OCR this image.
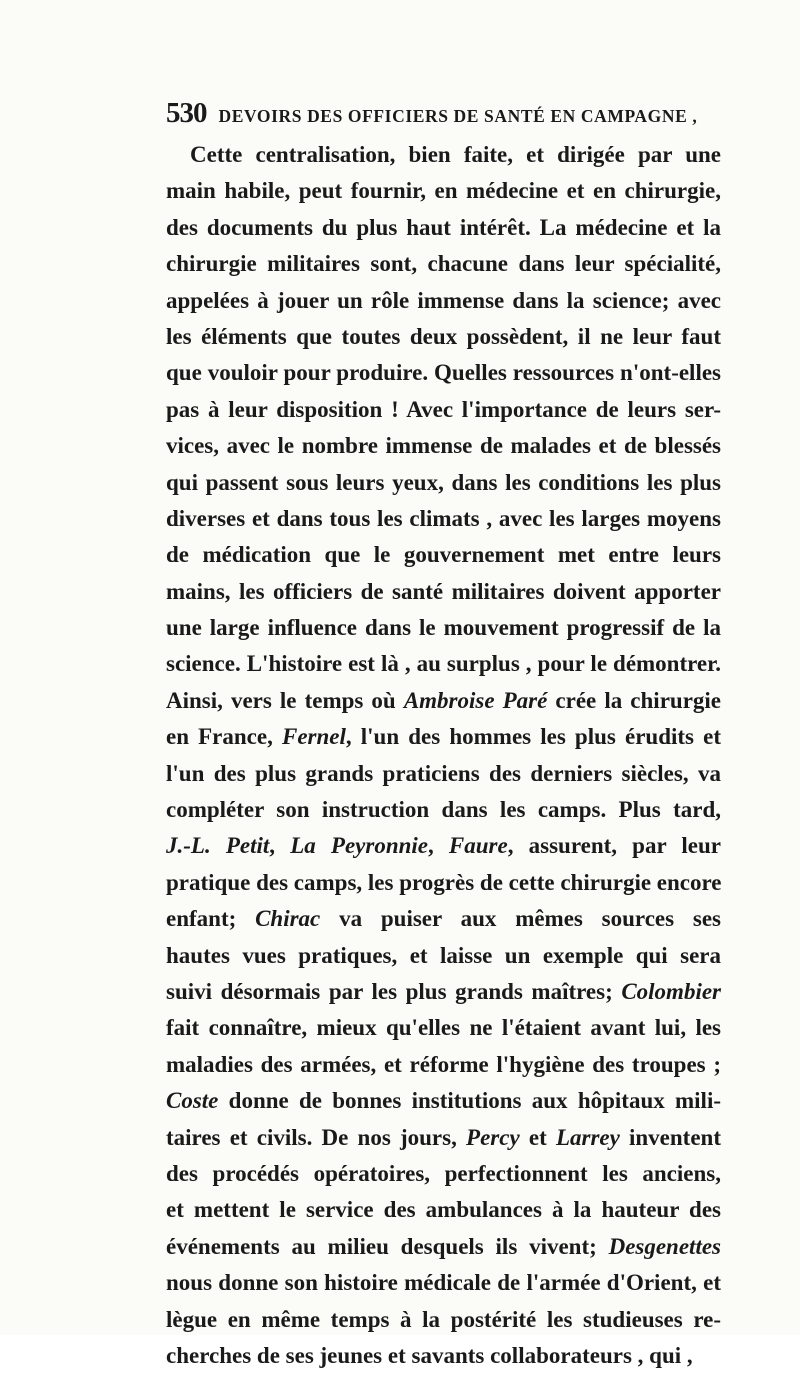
530 DEVOIRS DES OFFICIERS DE SANTÉ EN CAMPAGNE ,
Cette centralisation, bien faite, et dirigée par une
main habile, peut fournir, en médecine et en chirurgie,
des documents du plus haut intérêt. La médecine et la
chirurgie militaires sont, chacune dans leur spécialité,
appelées à jouer un rôle immense dans la science; avec
les éléments que toutes deux possèdent, il ne leur faut
que vouloir pour produire. Quelles ressources n'ont-elles
pas à leur disposition ! Avec l'importance de leurs ser-
vices, avec le nombre immense de malades et de blessés
qui passent sous leurs yeux, dans les conditions les plus
diverses et dans tous les climats , avec les larges moyens
de médication que le gouvernement met entre leurs
mains, les officiers de santé militaires doivent apporter
une large influence dans le mouvement progressif de la
science. L'histoire est là , au surplus , pour le démontrer.
Ainsi, vers le temps où Ambroise Paré crée la chirurgie
en France, Fernel, l'un des hommes les plus érudits et
l'un des plus grands praticiens des derniers siècles, va
compléter son instruction dans les camps. Plus tard,
J.-L. Petit, La Peyronnie, Faure, assurent, par leur
pratique des camps, les progrès de cette chirurgie encore
enfant; Chirac va puiser aux mêmes sources ses
hautes vues pratiques, et laisse un exemple qui sera
suivi désormais par les plus grands maîtres; Colombier
fait connaître, mieux qu'elles ne l'étaient avant lui, les
maladies des armées, et réforme l'hygiène des troupes ;
Coste donne de bonnes institutions aux hôpitaux mili-
taires et civils. De nos jours, Percy et Larrey inventent
des procédés opératoires, perfectionnent les anciens,
et mettent le service des ambulances à la hauteur des
événements au milieu desquels ils vivent; Desgenettes
nous donne son histoire médicale de l'armée d'Orient, et
lègue en même temps à la postérité les studieuses re-
cherches de ses jeunes et savants collaborateurs , qui ,
